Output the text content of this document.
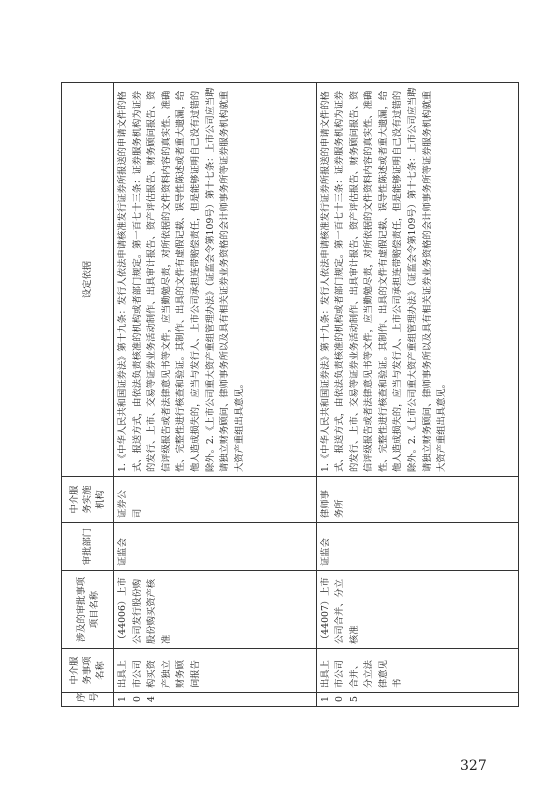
序号	中介服务事项名称	涉及的审批事项项目名称	审批部门	中介服务实施机构	设定依据
104	出具上市公司构买资产独立财务顾问报告	（44006）上市公司发行股份购股份购买资产核准	证监会	证券公司	1.《中华人民共和国证券法》第十九条：发行人依法申请核准发行证券所报送的申请文件的格式、报送方式，由依法负责核准的机构或者部门规定。第一百七十三条：证券服务机构为证券的发行、上市、交易等证券业务活动制作、出具审计报告、资产评估报告、财务顾问报告、资信评级报告或者法律意见书等文件，应当勤勉尽责，对所依据的文件资料内容的真实性、准确性、完整性进行核查和验证。其制作、出具的文件有虚假记载、误导性陈述或者重大遗漏，给他人造成损失的，应当与发行人、上市公司承担连带赔偿责任，但是能够证明自己没有过错的除外。2.《上市公司重大资产重组管理办法》（证监会令第109号）第十七条：上市公司应当聘请独立财务顾问、律师事务所以及具有相关证券业务资格的会计师事务所等证券服务机构就重大资产重组出具意见。
105	出具上市公司合并、分立法律意见书	（44007）上市公司合并、分立核准	证监会	律师事务所	1.《中华人民共和国证券法》第十九条：发行人依法申请核准发行证券所报送的申请文件的格式、报送方式，由依法负责核准的机构或者部门规定。第一百七十三条：证券服务机构为证券的发行、上市、交易等证券业务活动制作、出具审计报告、资产评估报告、财务顾问报告、资信评级报告或者法律意见书等文件，应当勤勉尽责，对所依据的文件资料内容的真实性、准确性、完整性进行核查和验证。其制作、出具的文件有虚假记载、误导性陈述或者重大遗漏，给他人造成损失的，应当与发行人、上市公司承担连带赔偿责任，但是能够证明自己没有过错的除外。2.《上市公司重大资产重组管理办法》（证监会令第109号）第十七条：上市公司应当聘请独立财务顾问、律师事务所以及具有相关证券业务资格的会计师事务所等证券服务机构就重大资产重组出具意见。
327
